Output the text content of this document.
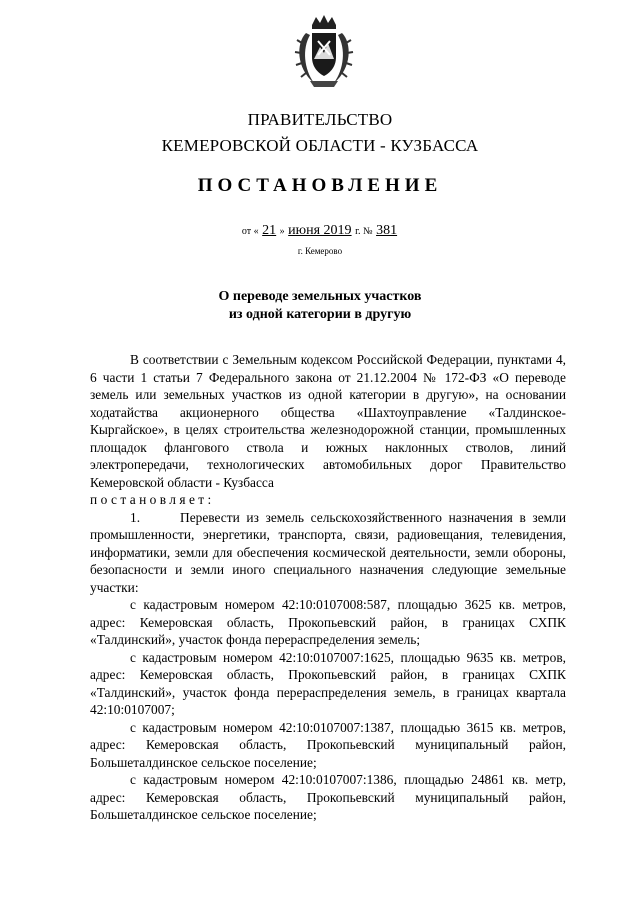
ПРАВИТЕЛЬСТВО
КЕМЕРОВСКОЙ ОБЛАСТИ - КУЗБАССА
ПОСТАНОВЛЕНИЕ
от « 21 » июня 2019 г. № 381
г. Кемерово
О переводе земельных участков
из одной категории в другую

В соответствии с Земельным кодексом Российской Федерации, пунктами 4, 6 части 1 статьи 7 Федерального закона от 21.12.2004 № 172-ФЗ «О переводе земель или земельных участков из одной категории в другую», на основании ходатайства акционерного общества «Шахтоуправление «Талдинское-Кыргайское», в целях строительства железнодорожной станции, промышленных площадок флангового ствола и южных наклонных стволов, линий электропередачи, технологических автомобильных дорог Правительство Кемеровской области - Кузбасса

постановляет:

1.      Перевести из земель сельскохозяйственного назначения в земли промышленности, энергетики, транспорта, связи, радиовещания, телевидения, информатики, земли для обеспечения космической деятельности, земли обороны, безопасности и земли иного специального назначения следующие земельные участки:

с кадастровым номером 42:10:0107008:587, площадью 3625 кв. метров, адрес: Кемеровская область, Прокопьевский район, в границах СХПК «Талдинский», участок фонда перераспределения земель;

с кадастровым номером 42:10:0107007:1625, площадью 9635 кв. метров, адрес: Кемеровская область, Прокопьевский район, в границах СХПК «Талдинский», участок фонда перераспределения земель, в границах квартала 42:10:0107007;

с кадастровым номером 42:10:0107007:1387, площадью 3615 кв. метров, адрес: Кемеровская область, Прокопьевский муниципальный район, Большеталдинское сельское поселение;

с кадастровым номером 42:10:0107007:1386, площадью 24861 кв. метр, адрес: Кемеровская область, Прокопьевский муниципальный район, Большеталдинское сельское поселение;
